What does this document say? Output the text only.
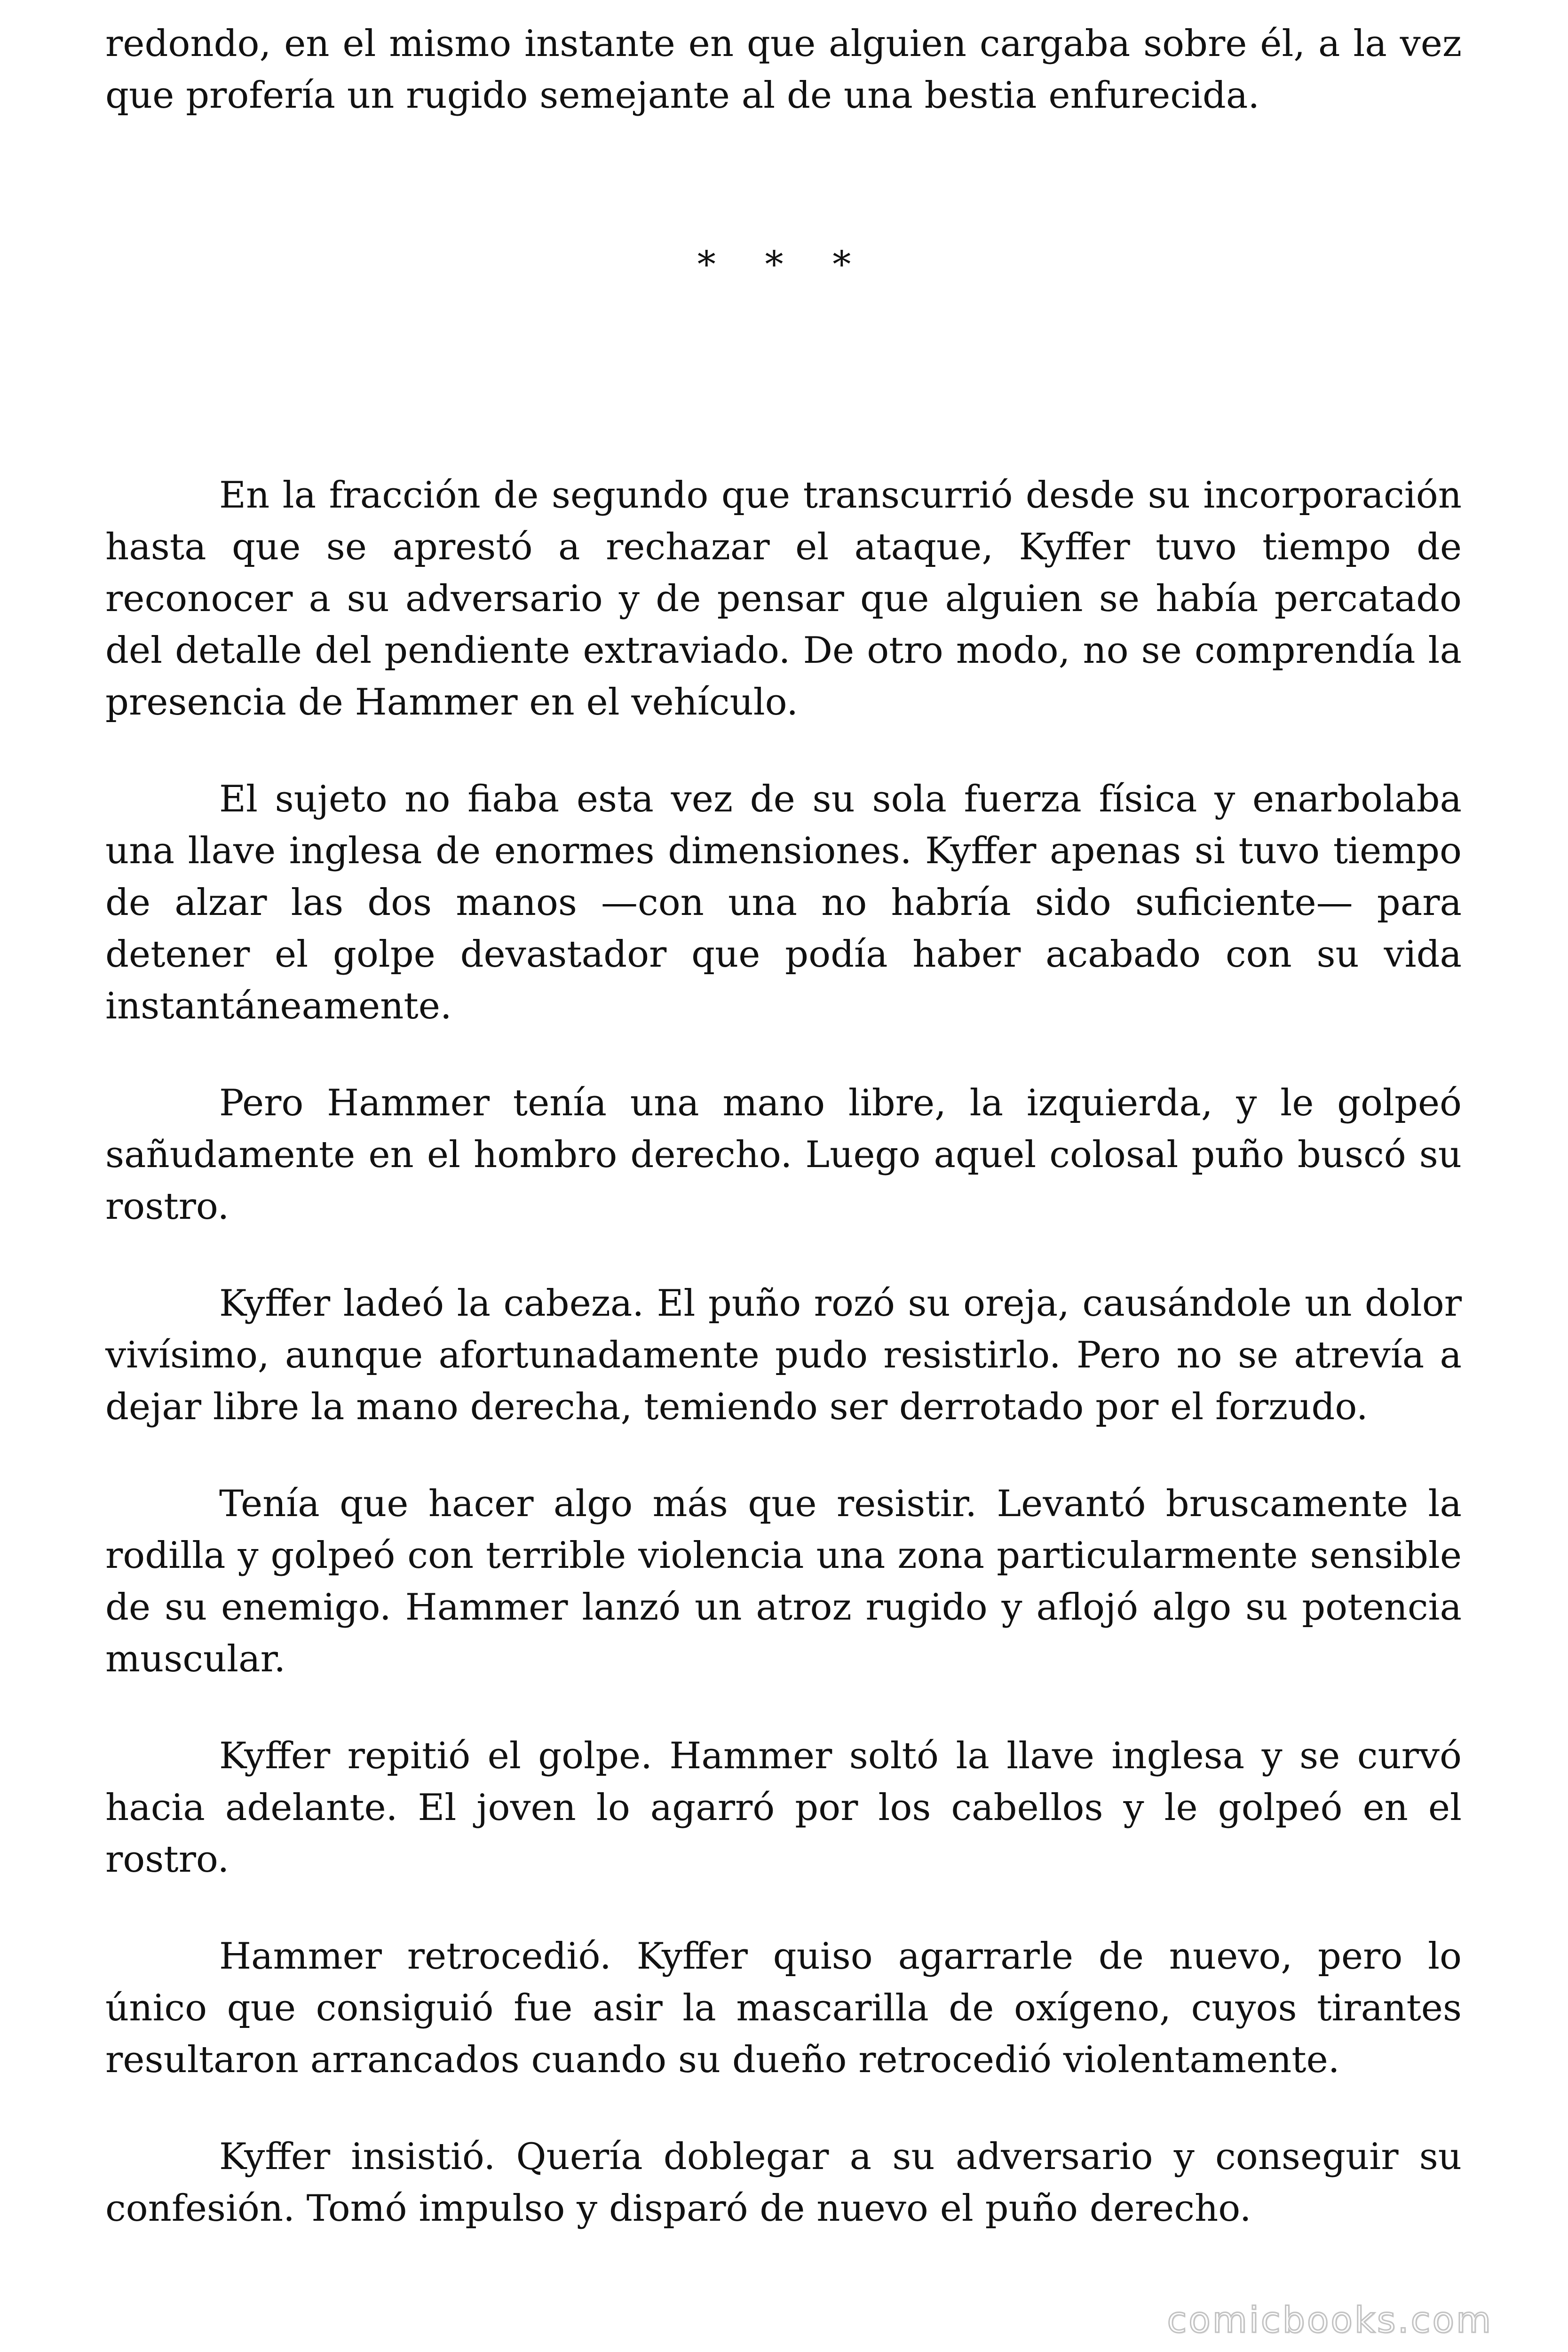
redondo, en el mismo instante en que alguien cargaba sobre él, a la vez que profería un rugido semejante al de una bestia enfurecida.

* * *

En la fracción de segundo que transcurrió desde su incorporación hasta que se aprestó a rechazar el ataque, Kyffer tuvo tiempo de reconocer a su adversario y de pensar que alguien se había percatado del detalle del pendiente extraviado. De otro modo, no se comprendía la presencia de Hammer en el vehículo.

El sujeto no fiaba esta vez de su sola fuerza física y enarbolaba una llave inglesa de enormes dimensiones. Kyffer apenas si tuvo tiempo de alzar las dos manos —con una no habría sido suficiente— para detener el golpe devastador que podía haber acabado con su vida instantáneamente.

Pero Hammer tenía una mano libre, la izquierda, y le golpeó sañudamente en el hombro derecho. Luego aquel colosal puño buscó su rostro.

Kyffer ladeó la cabeza. El puño rozó su oreja, causándole un dolor vivísimo, aunque afortunadamente pudo resistirlo. Pero no se atrevía a dejar libre la mano derecha, temiendo ser derrotado por el forzudo.

Tenía que hacer algo más que resistir. Levantó bruscamente la rodilla y golpeó con terrible violencia una zona particularmente sensible de su enemigo. Hammer lanzó un atroz rugido y aflojó algo su potencia muscular.

Kyffer repitió el golpe. Hammer soltó la llave inglesa y se curvó hacia adelante. El joven lo agarró por los cabellos y le golpeó en el rostro.

Hammer retrocedió. Kyffer quiso agarrarle de nuevo, pero lo único que consiguió fue asir la mascarilla de oxígeno, cuyos tirantes resultaron arrancados cuando su dueño retrocedió violentamente.

Kyffer insistió. Quería doblegar a su adversario y conseguir su confesión. Tomó impulso y disparó de nuevo el puño derecho.

comicbooks.com
